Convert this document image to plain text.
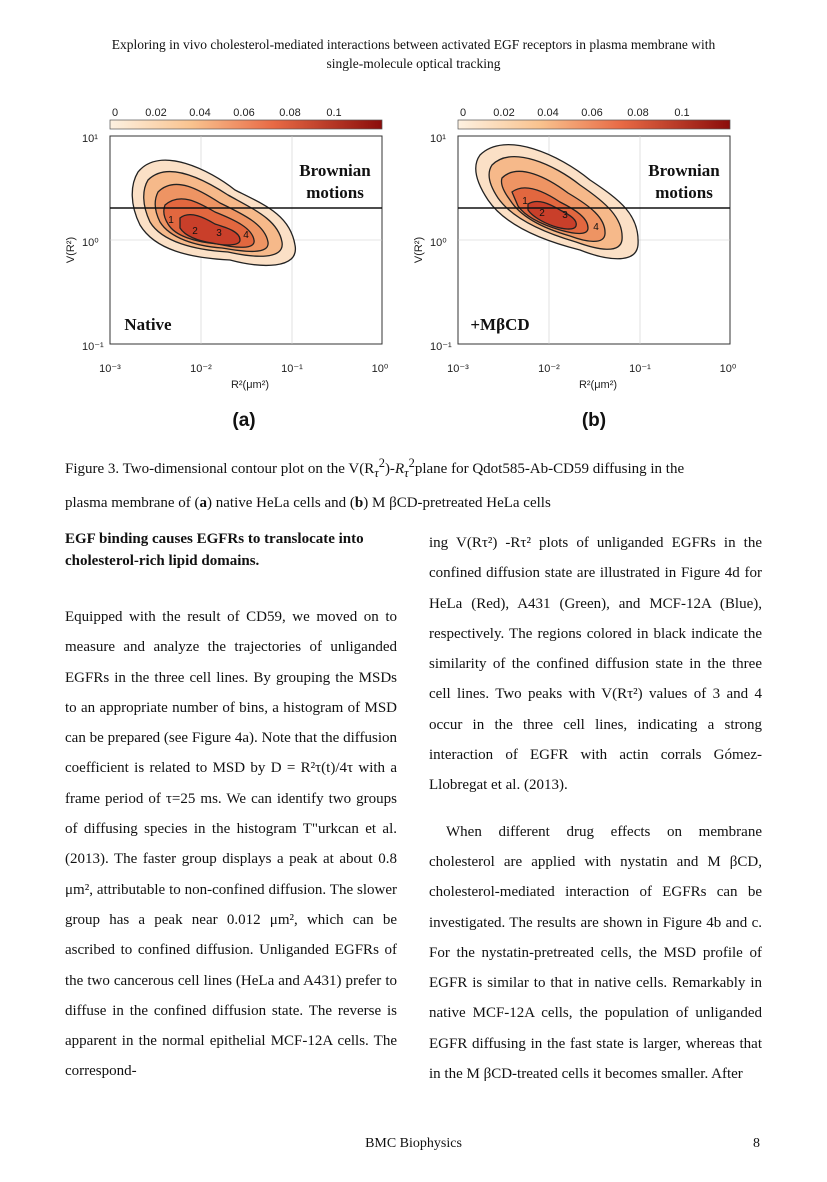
Exploring in vivo cholesterol-mediated interactions between activated EGF receptors in plasma membrane with
single-molecule optical tracking
0 0.02 0.04 0.06 0.08 0.1
1
2 3 4
Brownian
motions
Native
10¹
10⁰
10⁻¹
V(R²)
10⁻³	10⁻²	10⁻¹	10⁰
R²(μm²)
(a)
0 0.02 0.04 0.06 0.08 0.1
1
2 3
4
Brownian
motions
+MβCD
10¹
10⁰
10⁻¹
V(R²)
10⁻³	10⁻²	10⁻¹	10⁰
R²(μm²)
(b)
Figure 3. Two-dimensional contour plot on the $V(R_\tau^2)-R_\tau^2plane$ for Qdot585-Ab-CD59 diffusing in the
plasma membrane of (a) native HeLa cells and (b) M βCD-pretreated HeLa cells

EGF binding causes EGFRs to translocate into cholesterol-rich lipid domains.

Equipped with the result of CD59, we moved on to measure and analyze the trajectories of unliganded EGFRs in the three cell lines. By grouping the MSDs to an appropriate number of bins, a histogram of MSD can be prepared (see Figure 4a). Note that the diffusion coefficient is related to MSD by D = R²τ(t)/4τ with a frame period of τ=25 ms. We can identify two groups of diffusing species in the histogram T"urkcan et al. (2013). The faster group displays a peak at about 0.8 μm², attributable to non-confined diffusion. The slower group has a peak near 0.012 μm², which can be ascribed to confined diffusion. Unliganded EGFRs of the two cancerous cell lines (HeLa and A431) prefer to diffuse in the confined diffusion state. The reverse is apparent in the normal epithelial MCF-12A cells. The correspond-

ing V(Rτ²) -Rτ² plots of unliganded EGFRs in the confined diffusion state are illustrated in Figure 4d for HeLa (Red), A431 (Green), and MCF-12A (Blue), respectively. The regions colored in black indicate the similarity of the confined diffusion state in the three cell lines. Two peaks with V(Rτ²) values of 3 and 4 occur in the three cell lines, indicating a strong interaction of EGFR with actin corrals Gómez-Llobregat et al. (2013).

When different drug effects on membrane cholesterol are applied with nystatin and M βCD, cholesterol-mediated interaction of EGFRs can be investigated. The results are shown in Figure 4b and c. For the nystatin-pretreated cells, the MSD profile of EGFR is similar to that in native cells. Remarkably in native MCF-12A cells, the population of unliganded EGFR diffusing in the fast state is larger, whereas that in the M βCD-treated cells it becomes smaller. After

BMC Biophysics	8
